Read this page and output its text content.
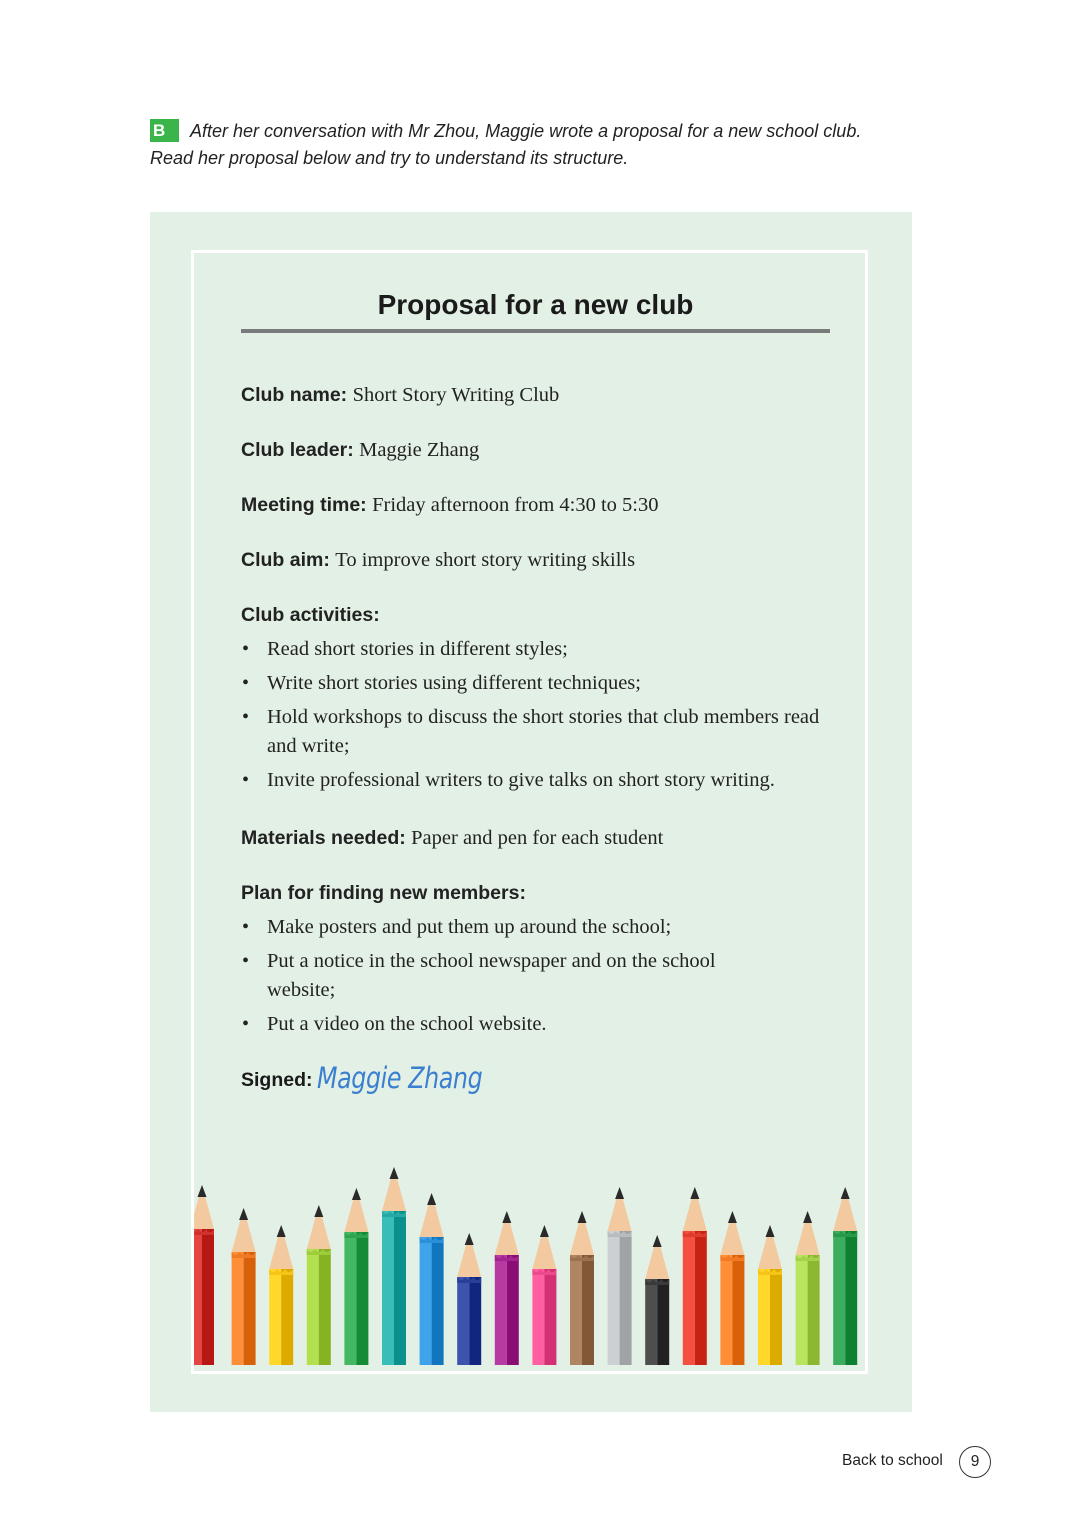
B After her conversation with Mr Zhou, Maggie wrote a proposal for a new school club.
Read her proposal below and try to understand its structure.
Proposal for a new club
Club name: Short Story Writing Club
Club leader: Maggie Zhang
Meeting time: Friday afternoon from 4:30 to 5:30
Club aim: To improve short story writing skills
Club activities:
• Read short stories in different styles;
• Write short stories using different techniques;
• Hold workshops to discuss the short stories that club members read and write;
• Invite professional writers to give talks on short story writing.
Materials needed: Paper and pen for each student
Plan for finding new members:
• Make posters and put them up around the school;
• Put a notice in the school newspaper and on the school website;
• Put a video on the school website.
Signed: Maggie Zhang
Back to school	9
